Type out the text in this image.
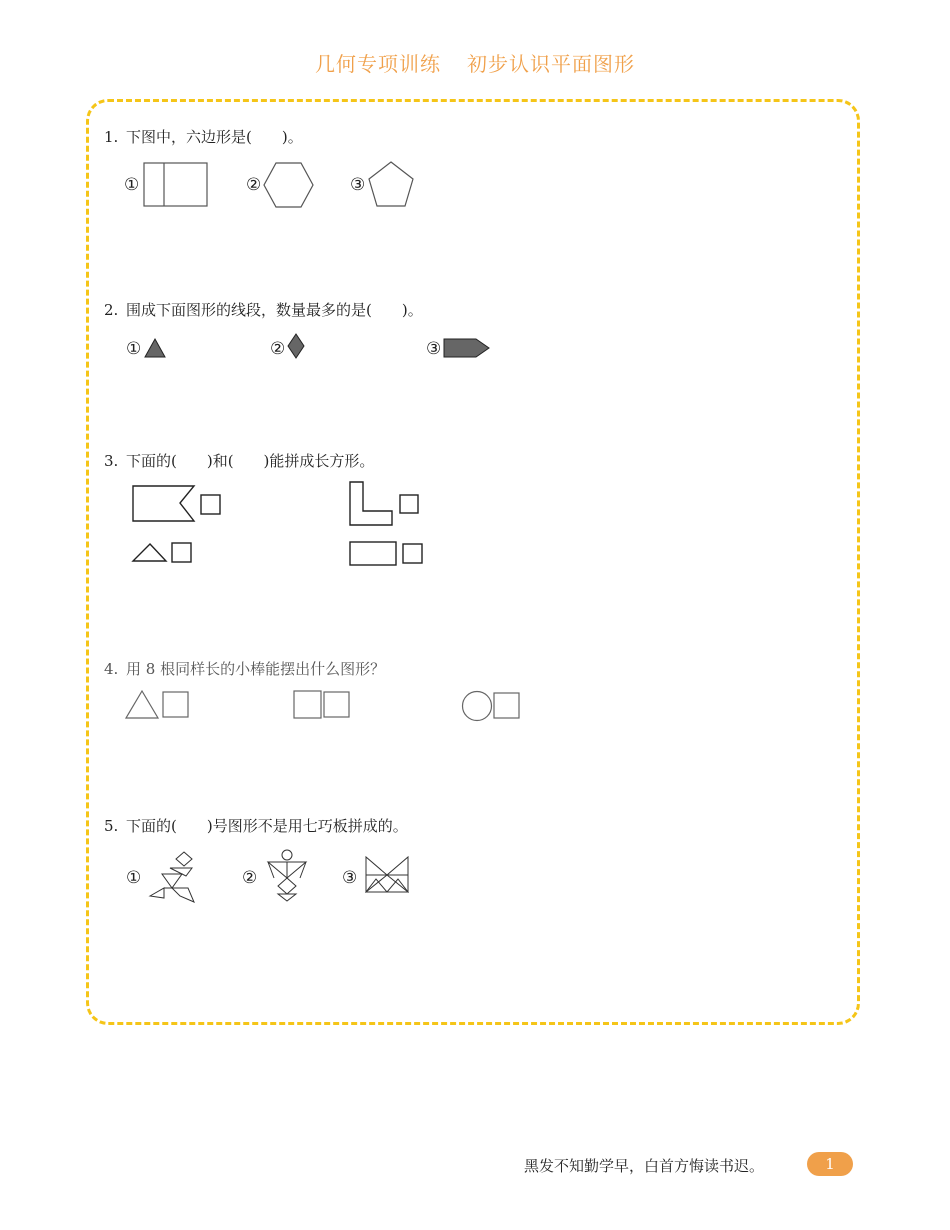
几何专项训练 初步认识平面图形
1. 下图中，六边形是(　　)。
①	②	③
2. 围成下面图形的线段，数量最多的是(　　)。
①	②	③
3. 下面的(　　)和(　　)能拼成长方形。
4. 用 8 根同样长的小棒能摆出什么图形？
5. 下面的(　　)号图形不是用七巧板拼成的。
①	②	③
黑发不知勤学早，白首方悔读书迟。	1
